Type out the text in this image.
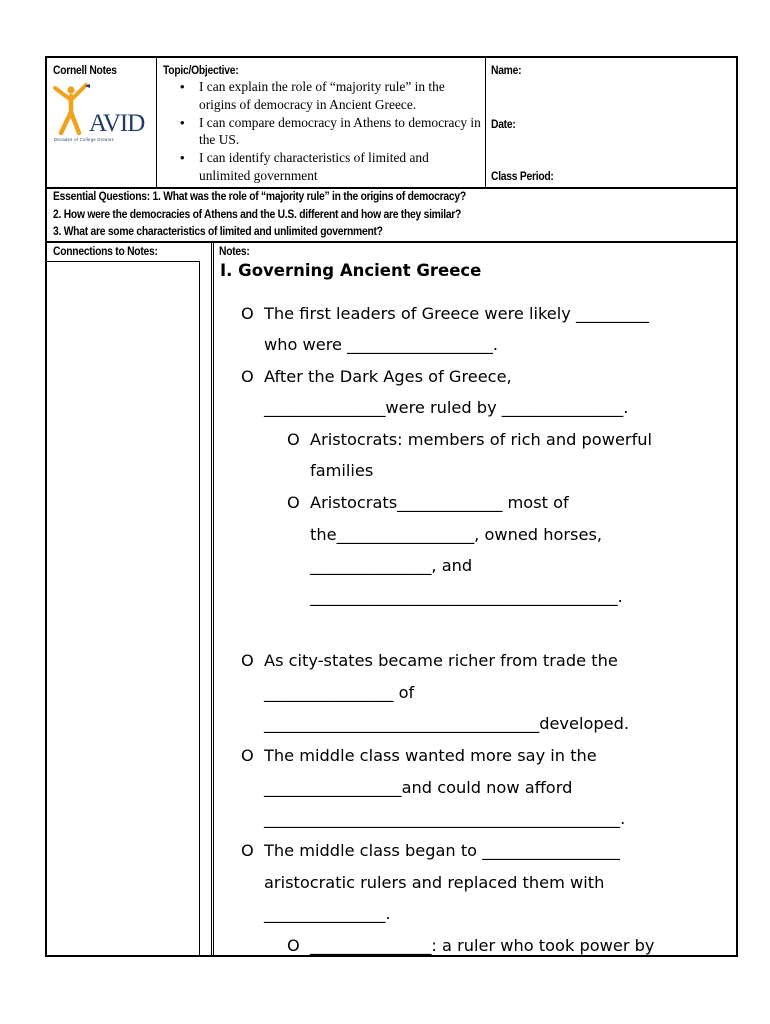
Cornell Notes
AVID
Decades of College Dreams
Topic/Objective:
• I can explain the role of “majority rule” in the origins of democracy in Ancient Greece.
• I can compare democracy in Athens to democracy in the US.
• I can identify characteristics of limited and unlimited government
Name:
Date:
Class Period:
Essential Questions: 1. What was the role of “majority rule” in the origins of democracy?
2. How were the democracies of Athens and the U.S. different and how are they similar?
3. What are some characteristics of limited and unlimited government?
Connections to Notes:	Notes:
I. Governing Ancient Greece
O The first leaders of Greece were likely _________
who were __________________.
O After the Dark Ages of Greece,
_______________were ruled by _______________.
O Aristocrats: members of rich and powerful
families
O Aristocrats_____________ most of
the_________________, owned horses,
_______________, and
______________________________________.
O As city-states became richer from trade the
________________ of
__________________________________developed.
O The middle class wanted more say in the
_________________and could now afford
____________________________________________.
O The middle class began to _________________
aristocratic rulers and replaced them with
_______________.
O _______________: a ruler who took power by
